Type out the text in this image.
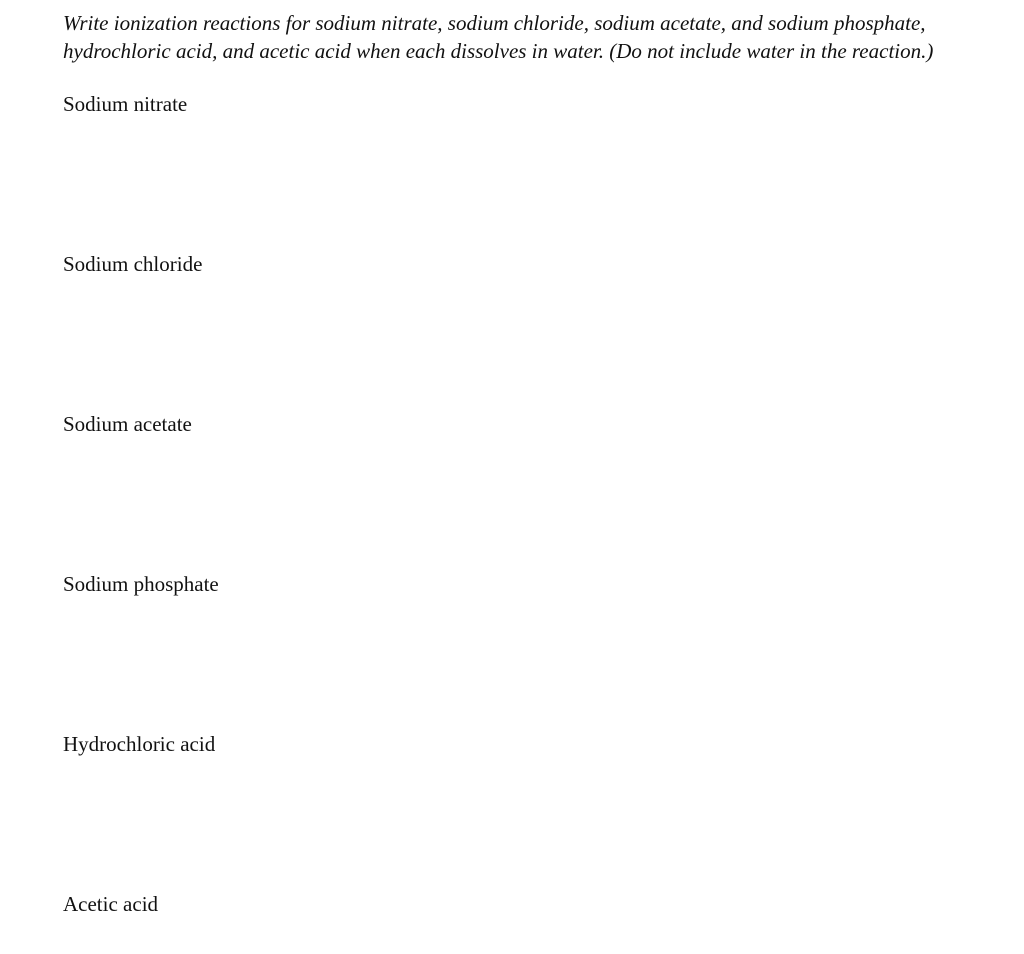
Write ionization reactions for sodium nitrate, sodium chloride, sodium acetate, and sodium phosphate,
hydrochloric acid, and acetic acid when each dissolves in water. (Do not include water in the reaction.)

Sodium nitrate

Sodium chloride

Sodium acetate

Sodium phosphate

Hydrochloric acid

Acetic acid
